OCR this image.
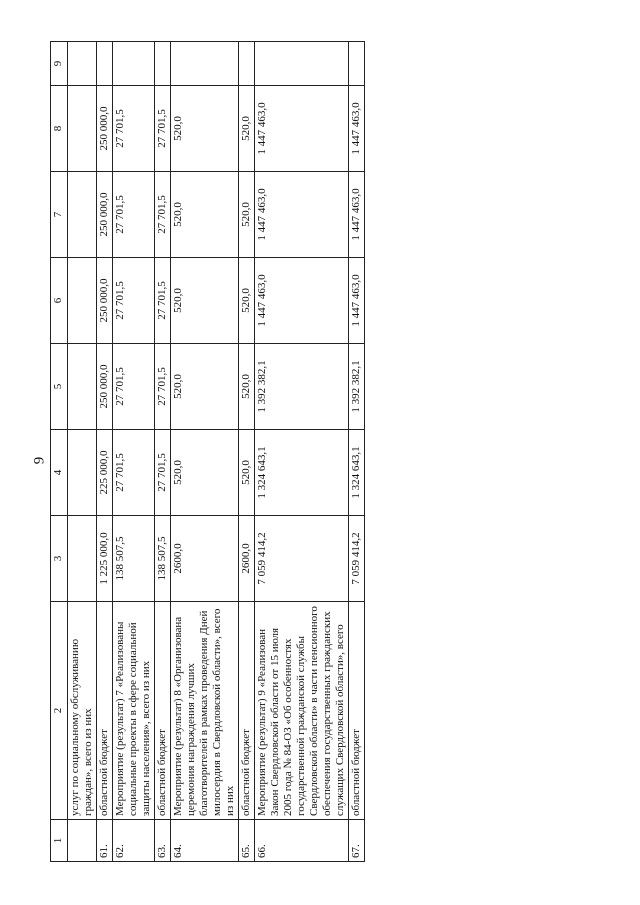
9
1	2	3	4	5	6	7	8	9
	услуг по социальному обслуживанию граждан», всего из них							
61.	областной бюджет	1 225 000,0	225 000,0	250 000,0	250 000,0	250 000,0	250 000,0	
62.	Мероприятие (результат) 7 «Реализованы социальные проекты в сфере социальной защиты населения», всего из них	138 507,5	27 701,5	27 701,5	27 701,5	27 701,5	27 701,5	
63.	областной бюджет	138 507,5	27 701,5	27 701,5	27 701,5	27 701,5	27 701,5	
64.	Мероприятие (результат) 8 «Организована церемония награждения лучших благотворителей в рамках проведения Дней милосердия в Свердловской области», всего из них	2600,0	520,0	520,0	520,0	520,0	520,0	
65.	областной бюджет	2600,0	520,0	520,0	520,0	520,0	520,0	
66.	Мероприятие (результат) 9 «Реализован Закон Свердловской области от 15 июля 2005 года № 84-ОЗ «Об особенностях государственной гражданской службы Свердловской области» в части пенсионного обеспечения государственных гражданских служащих Свердловской области», всего	7 059 414,2	1 324 643,1	1 392 382,1	1 447 463,0	1 447 463,0	1 447 463,0	
67.	областной бюджет	7 059 414,2	1 324 643,1	1 392 382,1	1 447 463,0	1 447 463,0	1 447 463,0	
